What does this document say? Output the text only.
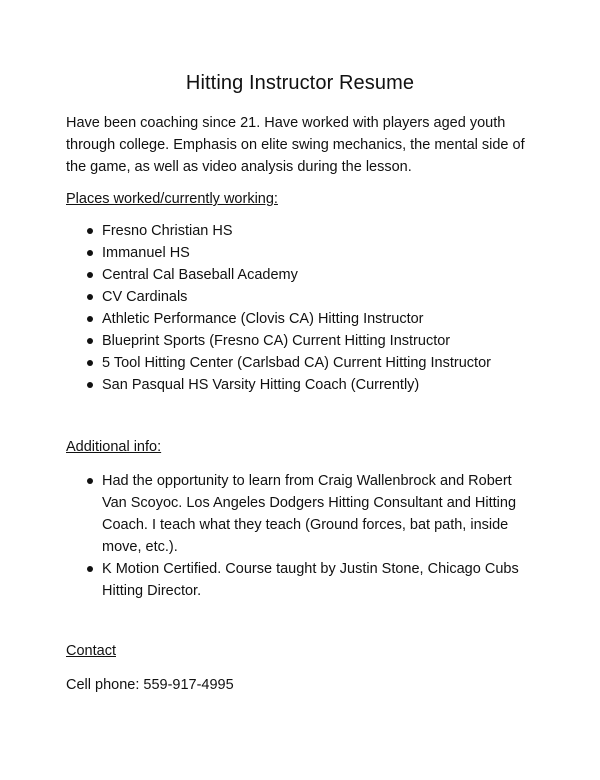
Hitting Instructor Resume

Have been coaching since 21. Have worked with players aged youth through college. Emphasis on elite swing mechanics, the mental side of the game, as well as video analysis during the lesson.

Places worked/currently working:
Fresno Christian HS
Immanuel HS
Central Cal Baseball Academy
CV Cardinals
Athletic Performance (Clovis CA) Hitting Instructor
Blueprint Sports (Fresno CA) Current Hitting Instructor
5 Tool Hitting Center (Carlsbad CA) Current Hitting Instructor
San Pasqual HS Varsity Hitting Coach (Currently)
Additional info:
Had the opportunity to learn from Craig Wallenbrock and Robert Van Scoyoc. Los Angeles Dodgers Hitting Consultant and Hitting Coach. I teach what they teach (Ground forces, bat path, inside move, etc.).
K Motion Certified. Course taught by Justin Stone, Chicago Cubs Hitting Director.
Contact

Cell phone: 559-917-4995
